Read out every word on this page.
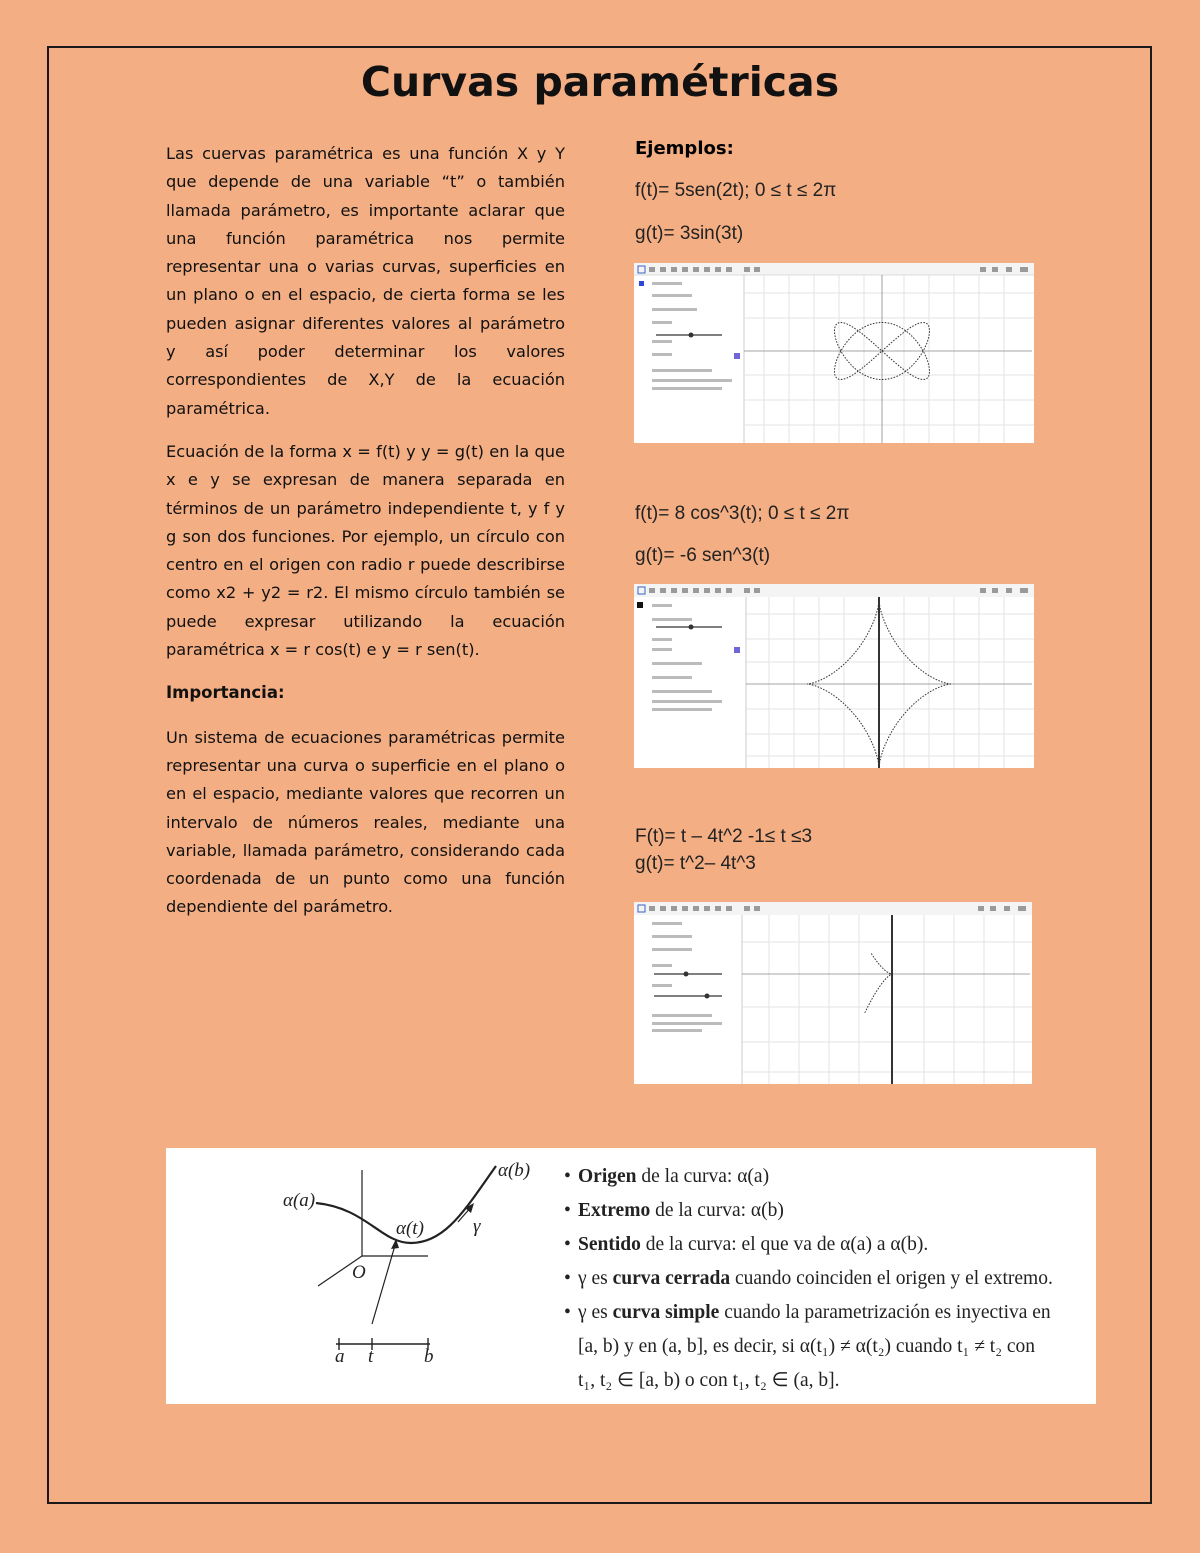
Curvas paramétricas

Las cuervas paramétrica es una función X y Y que depende de una variable “t” o también llamada parámetro, es importante aclarar que una función paramétrica nos permite representar una o varias curvas, superficies en un plano o en el espacio, de cierta forma se les pueden asignar diferentes valores al parámetro y así poder determinar los valores correspondientes de X,Y de la ecuación paramétrica.

Ecuación de la forma x = f(t) y y = g(t) en la que x e y se expresan de manera separada en términos de un parámetro independiente t, y f y g son dos funciones. Por ejemplo, un círculo con centro en el origen con radio r puede describirse como x2 + y2 = r2. El mismo círculo también se puede expresar utilizando la ecuación paramétrica x = r cos(t) e y = r sen(t).

Importancia:

Un sistema de ecuaciones paramétricas permite representar una curva o superficie en el plano o en el espacio, mediante valores que recorren un intervalo de números reales, mediante una variable, llamada parámetro, considerando cada coordenada de un punto como una función dependiente del parámetro.

Ejemplos:
f(t)= 5sen(2t); 0 ≤ t ≤ 2π
g(t)= 3sin(3t)
f(t)= 8 cos^3(t); 0 ≤ t ≤ 2π
g(t)= -6 sen^3(t)
F(t)= t – 4t^2 -1≤ t ≤3
g(t)= t^2– 4t^3
α(a)
α(b)
α(t)	γ
O
a t	b
• Origen de la curva: α(a)
• Extremo de la curva: α(b)
• Sentido de la curva: el que va de α(a) a α(b).
• γ es curva cerrada cuando coinciden el origen y el extremo.
• γ es curva simple cuando la parametrización es inyectiva en
[a, b) y en (a, b], es decir, si α(t₁) ≠ α(t₂) cuando t₁ ≠ t₂ con
t₁, t₂ ∈ [a, b) o con t₁, t₂ ∈ (a, b].
